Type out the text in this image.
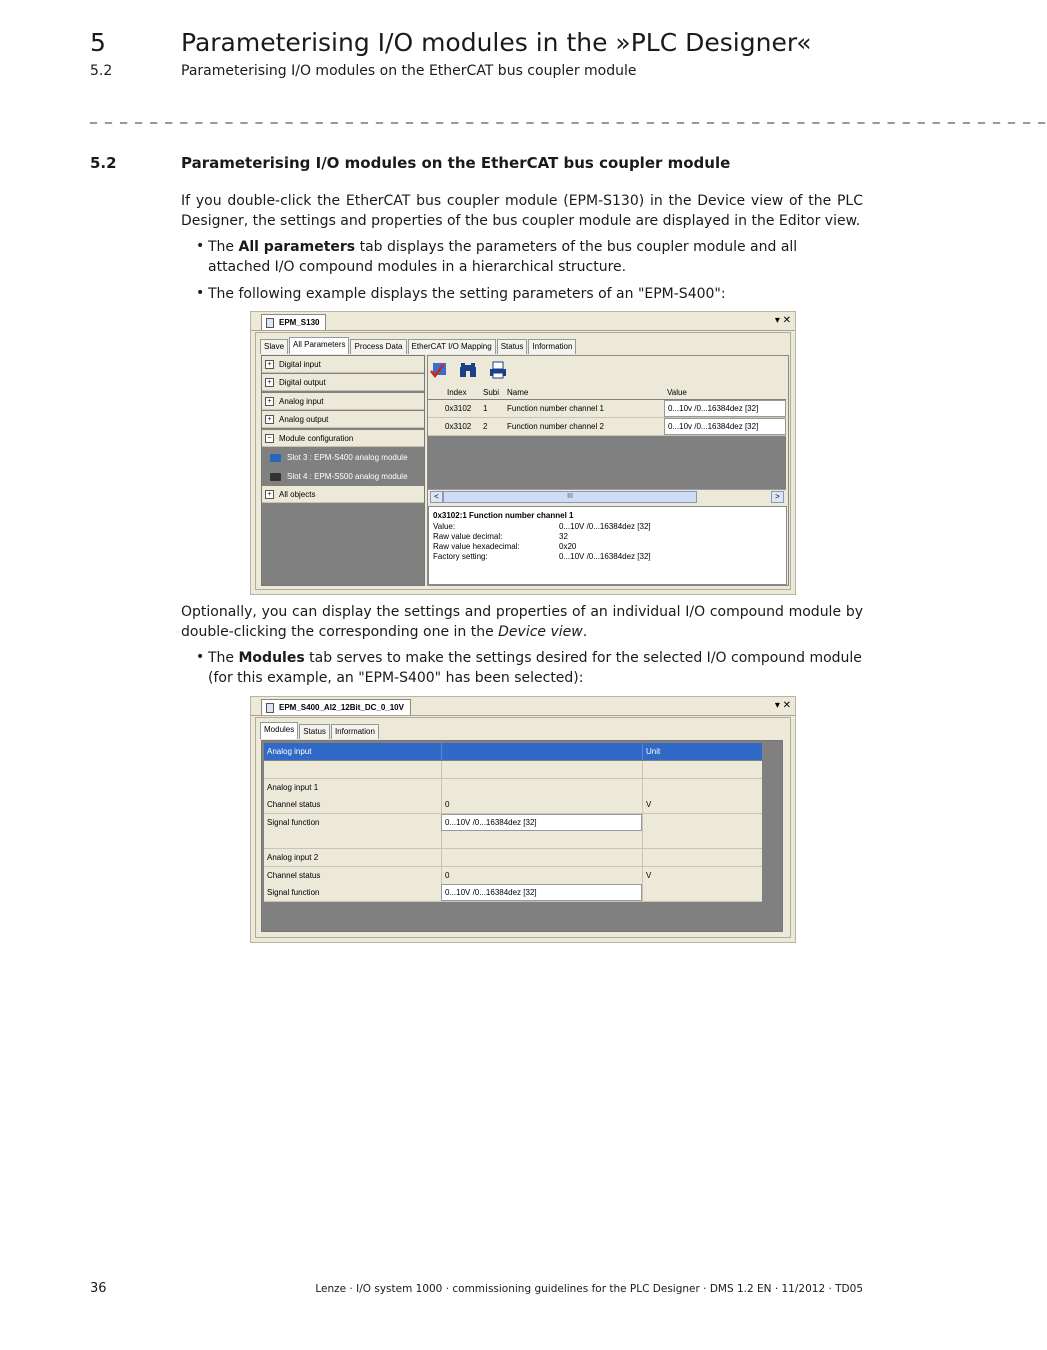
5	Parameterising I/O modules in the »PLC Designer«
5.2	Parameterising I/O modules on the EtherCAT bus coupler module
_ _ _ _ _ _ _ _ _ _ _ _ _ _ _ _ _ _ _ _ _ _ _ _ _ _ _ _ _ _ _ _ _ _ _ _ _ _ _ _ _ _ _ _ _ _ _ _ _ _ _ _ _ _ _ _ _ _ _ _ _ _ _ _
5.2	Parameterising I/O modules on the EtherCAT bus coupler module
If you double-click the EtherCAT bus coupler module (EPM-S130) in the Device view of the PLC Designer, the settings and properties of the bus coupler module are displayed in the Editor view.
• The All parameters tab displays the parameters of the bus coupler module and all attached I/O compound modules in a hierarchical structure.
• The following example displays the setting parameters of an "EPM-S400":
EPM_S130	▾ ✕
Slave	All Parameters	Process Data	EtherCAT I/O Mapping	Status	Information
+ Digital input
+ Digital output
+ Analog input
+ Analog output
− Module configuration
Slot 3 : EPM-S400 analog module
Slot 4 : EPM-S500 analog module
+ All objects
Index	Subi Name	Value
0x3102	1	Function number channel 1	0...10v /0...16384dez [32]
0x3102	2	Function number channel 2	0...10v /0...16384dez [32]
<	III	>
0x3102:1 Function number channel 1
Value:	0...10V /0...16384dez [32]
Raw value decimal:	32
Raw value hexadecimal:	0x20
Factory setting:	0...10V /0...16384dez [32]
Optionally, you can display the settings and properties of an individual I/O compound module by double-clicking the corresponding one in the Device view.
• The Modules tab serves to make the settings desired for the selected I/O compound module (for this example, an "EPM-S400" has been selected):
EPM_S400_AI2_12Bit_DC_0_10V	▾ ✕
Modules	Status	Information
Analog input	Unit
Analog input 1
Channel status	0	V
Signal function	0...10V /0...16384dez [32]
Analog input 2
Channel status	0	V
Signal function	0...10V /0...16384dez [32]
36	Lenze · I/O system 1000 · commissioning guidelines for the PLC Designer · DMS 1.2 EN · 11/2012 · TD05
